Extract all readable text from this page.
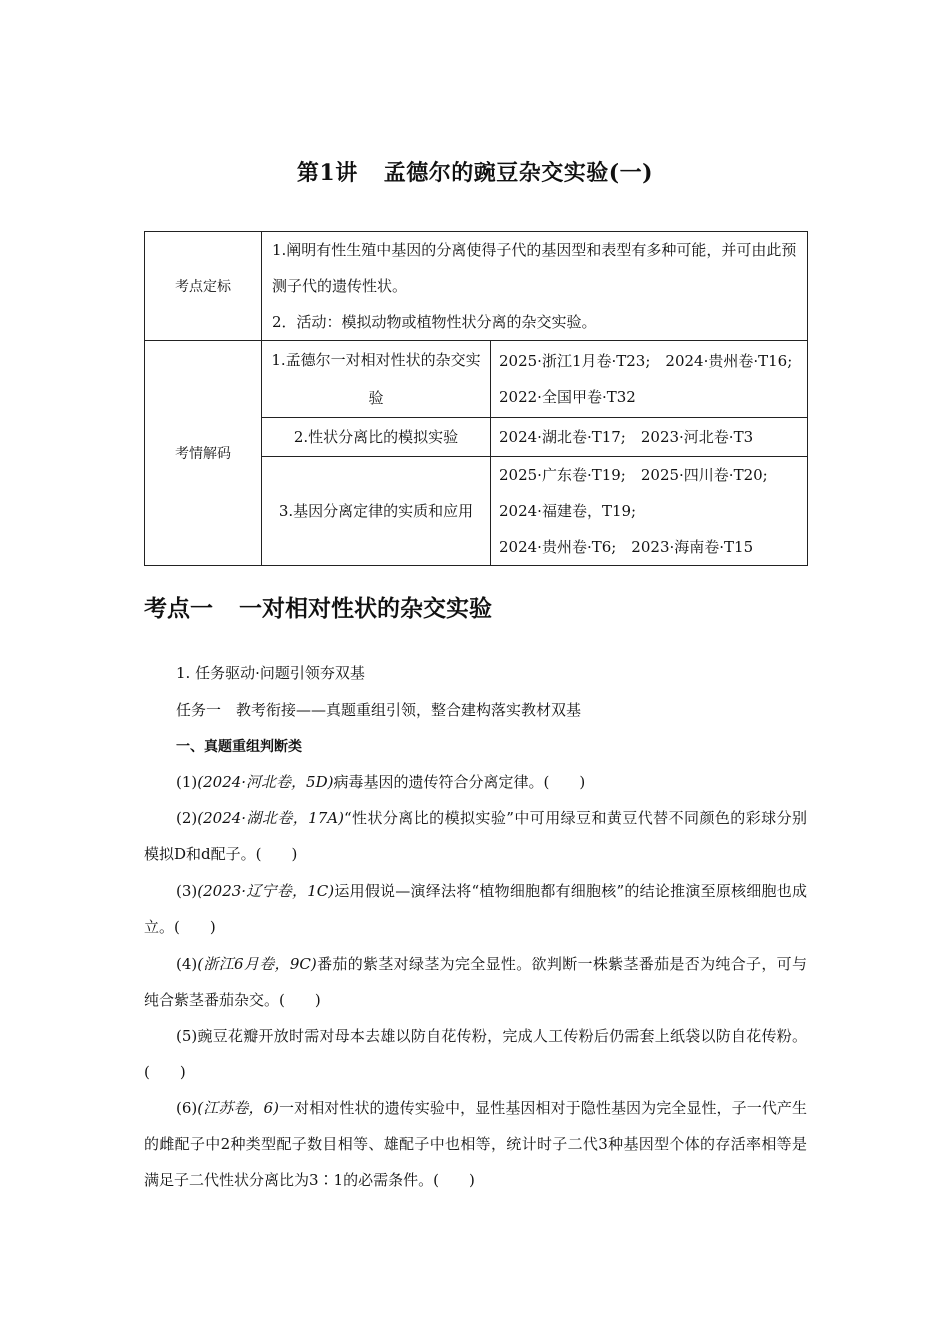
第1讲 孟德尔的豌豆杂交实验(一)
考点定标	1.阐明有性生殖中基因的分离使得子代的基因型和表型有多种可能，并可由此预测子代的遗传性状。
2．活动：模拟动物或植物性状分离的杂交实验。	

考情解码	1.孟德尔一对相对性状的杂交实验	2025·浙江1月卷·T23;　2024·贵州卷·T16;　2022·全国甲卷·T32
	2.性状分离比的模拟实验	2024·湖北卷·T17;　2023·河北卷·T3
	3.基因分离定律的实质和应用	2025·广东卷·T19;　2025·四川卷·T20;
2024·福建卷，T19;
2024·贵州卷·T6;　2023·海南卷·T15
考点一 一对相对性状的杂交实验
1. 任务驱动·问题引领夯双基
任务一　教考衔接——真题重组引领，整合建构落实教材双基
一、真题重组判断类
(1)(2024·河北卷，5D)病毒基因的遗传符合分离定律。(　　)
(2)(2024·湖北卷，17A)“性状分离比的模拟实验”中可用绿豆和黄豆代替不同颜色的彩球分别模拟D和d配子。(　　)
(3)(2023·辽宁卷，1C)运用假说—演绎法将“植物细胞都有细胞核”的结论推演至原核细胞也成立。(　　)
(4)(浙江6月卷，9C)番茄的紫茎对绿茎为完全显性。欲判断一株紫茎番茄是否为纯合子，可与纯合紫茎番茄杂交。(　　)
(5)豌豆花瓣开放时需对母本去雄以防自花传粉，完成人工传粉后仍需套上纸袋以防自花传粉。(　　)
(6)(江苏卷，6)一对相对性状的遗传实验中，显性基因相对于隐性基因为完全显性，子一代产生的雌配子中2种类型配子数目相等、雄配子中也相等，统计时子二代3种基因型个体的存活率相等是满足子二代性状分离比为3∶1的必需条件。(　　)
